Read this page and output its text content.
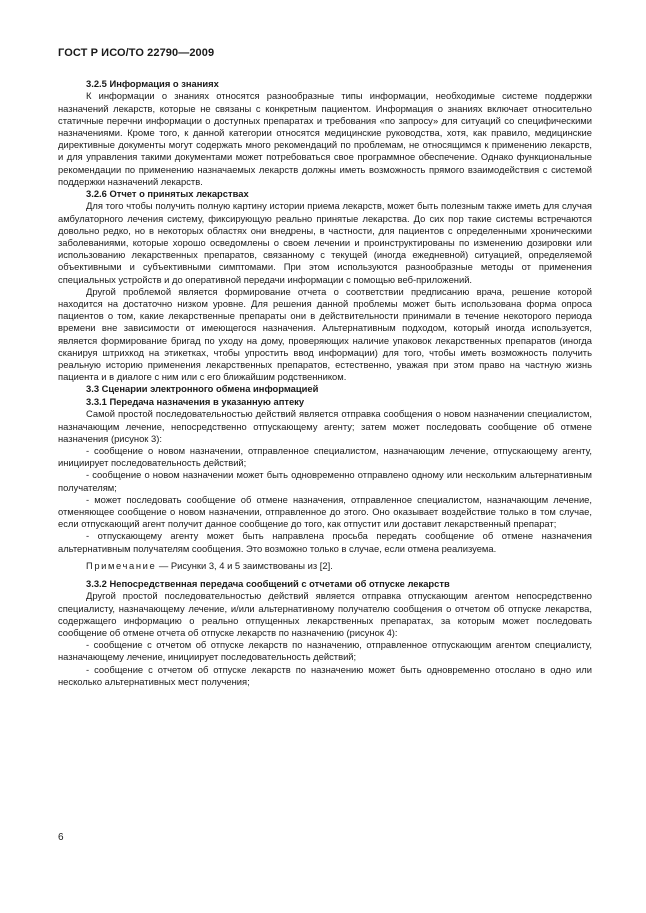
ГОСТ Р ИСО/ТО 22790—2009
3.2.5 Информация о знаниях

К информации о знаниях относятся разнообразные типы информации, необходимые системе поддержки назначений лекарств, которые не связаны с конкретным пациентом. Информация о знаниях включает относительно статичные перечни информации о доступных препаратах и требования «по запросу» для ситуаций со специфическими назначениями. Кроме того, к данной категории относятся медицинские руководства, хотя, как правило, медицинские директивные документы могут содержать много рекомендаций по проблемам, не относящимся к применению лекарств, и для управления такими документами может потребоваться свое программное обеспечение. Однако функциональные рекомендации по применению назначаемых лекарств должны иметь возможность прямого взаимодействия с системой поддержки назначений лекарств.

3.2.6 Отчет о принятых лекарствах

Для того чтобы получить полную картину истории приема лекарств, может быть полезным также иметь для случая амбулаторного лечения систему, фиксирующую реально принятые лекарства. До сих пор такие системы встречаются довольно редко, но в некоторых областях они внедрены, в частности, для пациентов с определенными хроническими заболеваниями, которые хорошо осведомлены о своем лечении и проинструктированы по изменению дозировки или использованию лекарственных препаратов, связанному с текущей (иногда ежедневной) ситуацией, определяемой объективными и субъективными симптомами. При этом используются разнообразные методы от применения специальных устройств и до оперативной передачи информации с помощью веб-приложений.

Другой проблемой является формирование отчета о соответствии предписанию врача, решение которой находится на достаточно низком уровне. Для решения данной проблемы может быть использована форма опроса пациентов о том, какие лекарственные препараты они в действительности принимали в течение некоторого периода времени вне зависимости от имеющегося назначения. Альтернативным подходом, который иногда используется, является формирование бригад по уходу на дому, проверяющих наличие упаковок лекарственных препаратов (иногда сканируя штрихкод на этикетках, чтобы упростить ввод информации) для того, чтобы иметь возможность получить реальную историю применения лекарственных препаратов, естественно, уважая при этом право на частную жизнь пациента и в диалоге с ним или с его ближайшим родственником.

3.3 Сценарии электронного обмена информацией
3.3.1 Передача назначения в указанную аптеку

Самой простой последовательностью действий является отправка сообщения о новом назначении специалистом, назначающим лечение, непосредственно отпускающему агенту; затем может последовать сообщение об отмене назначения (рисунок 3):

- сообщение о новом назначении, отправленное специалистом, назначающим лечение, отпускающему агенту, инициирует последовательность действий;

- сообщение о новом назначении может быть одновременно отправлено одному или нескольким альтернативным получателям;

- может последовать сообщение об отмене назначения, отправленное специалистом, назначающим лечение, отменяющее сообщение о новом назначении, отправленное до этого. Оно оказывает воздействие только в том случае, если отпускающий агент получит данное сообщение до того, как отпустит или доставит лекарственный препарат;

- отпускающему агенту может быть направлена просьба передать сообщение об отмене назначения альтернативным получателям сообщения. Это возможно только в случае, если отмена реализуема.

Примечание — Рисунки 3, 4 и 5 заимствованы из [2].

3.3.2 Непосредственная передача сообщений с отчетами об отпуске лекарств

Другой простой последовательностью действий является отправка отпускающим агентом непосредственно специалисту, назначающему лечение, и/или альтернативному получателю сообщения о отчетом об отпуске лекарства, содержащего информацию о реально отпущенных лекарственных препаратах, за которым может последовать сообщение об отмене отчета об отпуске лекарств по назначению (рисунок 4):

- сообщение с отчетом об отпуске лекарств по назначению, отправленное отпускающим агентом специалисту, назначающему лечение, инициирует последовательность действий;

- сообщение с отчетом об отпуске лекарств по назначению может быть одновременно отослано в одно или несколько альтернативных мест получения;

6
